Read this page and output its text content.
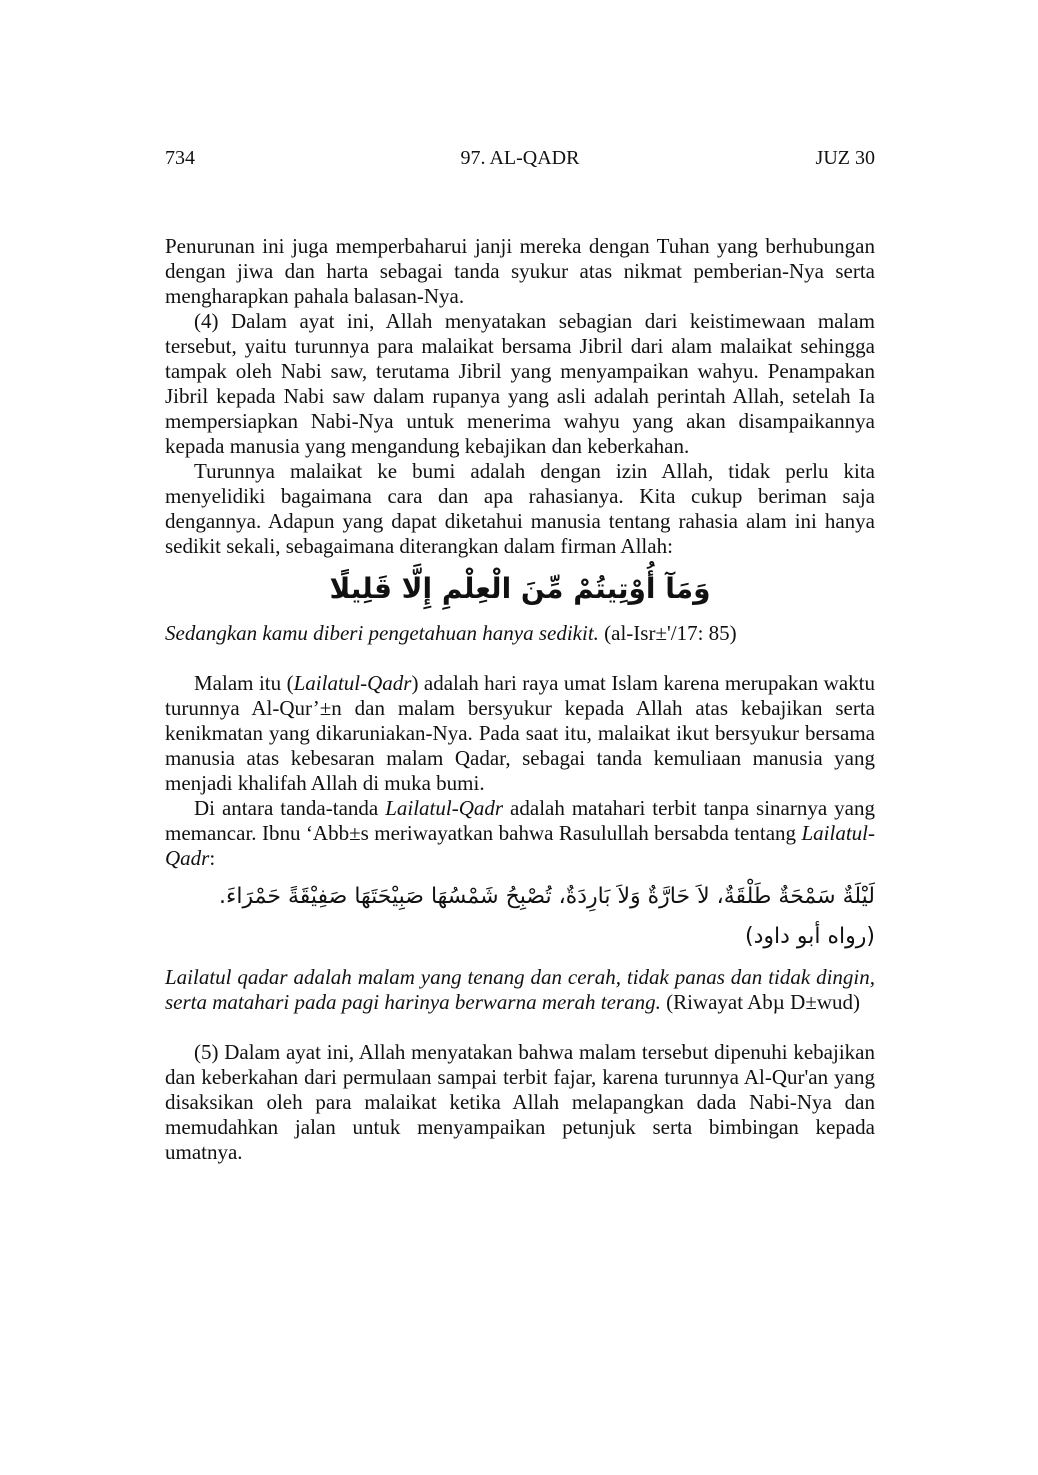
734	97. AL-QADR	JUZ 30

Penurunan ini juga memperbaharui janji mereka dengan Tuhan yang berhubungan dengan jiwa dan harta sebagai tanda syukur atas nikmat pemberian-Nya serta mengharapkan pahala balasan-Nya.

(4) Dalam ayat ini, Allah menyatakan sebagian dari keistimewaan malam tersebut, yaitu turunnya para malaikat bersama Jibril dari alam malaikat sehingga tampak oleh Nabi saw, terutama Jibril yang menyampaikan wahyu. Penampakan Jibril kepada Nabi saw dalam rupanya yang asli adalah perintah Allah, setelah Ia mempersiapkan Nabi-Nya untuk menerima wahyu yang akan disampaikannya kepada manusia yang mengandung kebajikan dan keberkahan.

Turunnya malaikat ke bumi adalah dengan izin Allah, tidak perlu kita menyelidiki bagaimana cara dan apa rahasianya. Kita cukup beriman saja dengannya. Adapun yang dapat diketahui manusia tentang rahasia alam ini hanya sedikit sekali, sebagaimana diterangkan dalam firman Allah:

وَمَآ أُوْتِيتُمْ مِّنَ الْعِلْمِ إِلَّا قَلِيلًا

Sedangkan kamu diberi pengetahuan hanya sedikit. (al-Isr±'/17: 85)

Malam itu (Lailatul-Qadr) adalah hari raya umat Islam karena merupakan waktu turunnya Al-Qur’±n dan malam bersyukur kepada Allah atas kebajikan serta kenikmatan yang dikaruniakan-Nya. Pada saat itu, malaikat ikut bersyukur bersama manusia atas kebesaran malam Qadar, sebagai tanda kemuliaan manusia yang menjadi khalifah Allah di muka bumi.

Di antara tanda-tanda Lailatul-Qadr adalah matahari terbit tanpa sinarnya yang memancar. Ibnu ‘Abb±s meriwayatkan bahwa Rasulullah bersabda tentang Lailatul-Qadr:

لَيْلَةٌ سَمْحَةٌ طَلْقَةٌ، لاَ حَارَّةٌ وَلاَ بَارِدَةٌ، تُصْبِحُ شَمْسُهَا صَبِيْحَتَهَا صَفِيْقَةً حَمْرَاءَ. (رواه أبو داود)

Lailatul qadar adalah malam yang tenang dan cerah, tidak panas dan tidak dingin, serta matahari pada pagi harinya berwarna merah terang. (Riwayat Abµ D±wud)

(5) Dalam ayat ini, Allah menyatakan bahwa malam tersebut dipenuhi kebajikan dan keberkahan dari permulaan sampai terbit fajar, karena turunnya Al-Qur'an yang disaksikan oleh para malaikat ketika Allah melapangkan dada Nabi-Nya dan memudahkan jalan untuk menyampaikan petunjuk serta bimbingan kepada umatnya.
